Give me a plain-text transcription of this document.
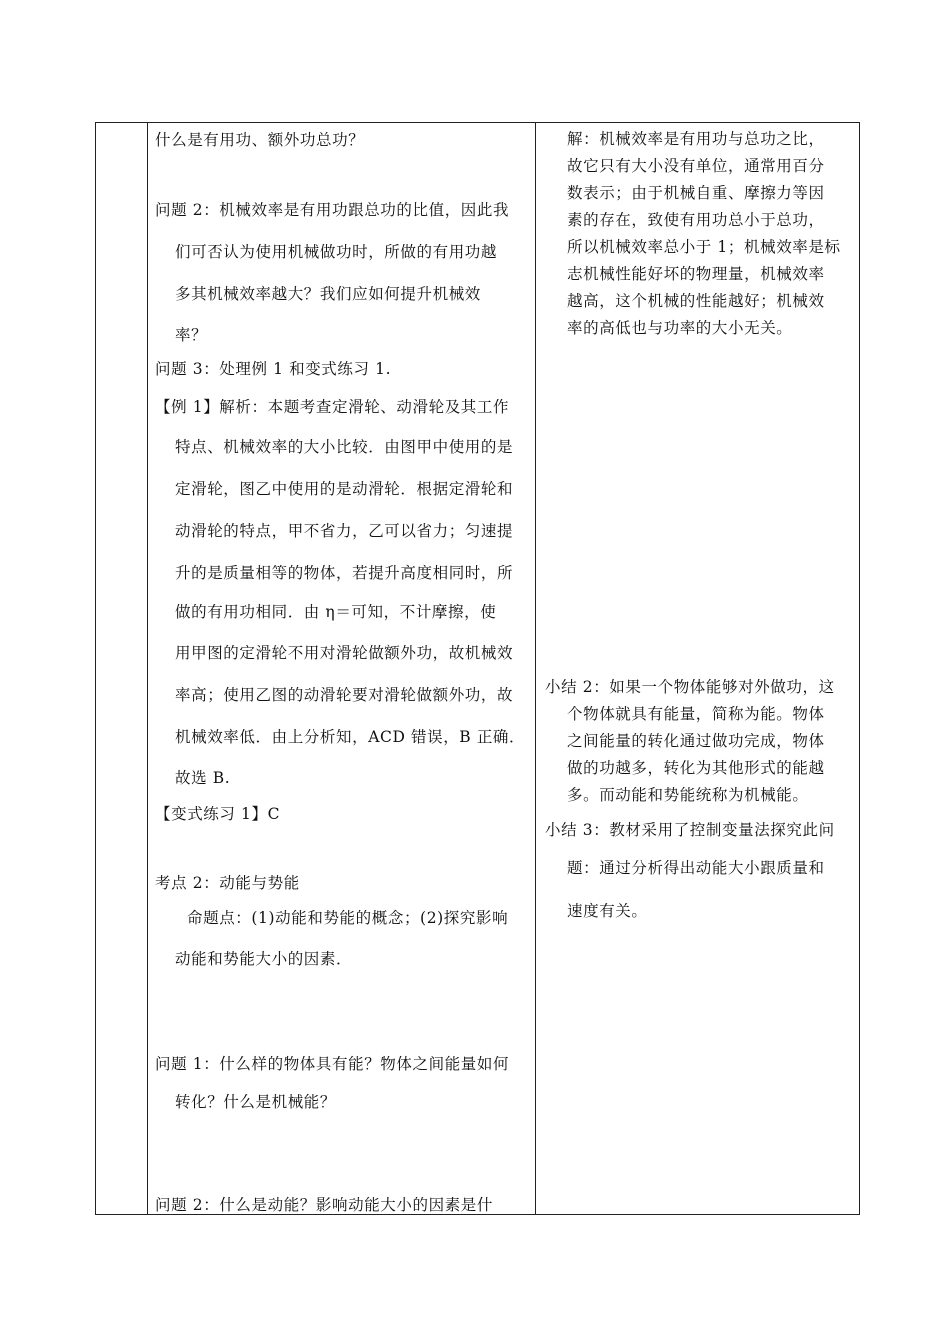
什么是有用功、额外功总功？
问题 2：机械效率是有用功跟总功的比值，因此我
们可否认为使用机械做功时，所做的有用功越
多其机械效率越大？我们应如何提升机械效
率？
问题 3：处理例 1 和变式练习 1.
【例 1】解析：本题考查定滑轮、动滑轮及其工作
特点、机械效率的大小比较．由图甲中使用的是
定滑轮，图乙中使用的是动滑轮．根据定滑轮和
动滑轮的特点，甲不省力，乙可以省力；匀速提
升的是质量相等的物体，若提升高度相同时，所
做的有用功相同．由 η＝可知，不计摩擦，使
用甲图的定滑轮不用对滑轮做额外功，故机械效
率高；使用乙图的动滑轮要对滑轮做额外功，故
机械效率低．由上分析知，ACD 错误，B 正确．
故选 B.
【变式练习 1】C
考点 2：动能与势能
命题点：(1)动能和势能的概念；(2)探究影响
动能和势能大小的因素．
问题 1：什么样的物体具有能？物体之间能量如何
转化？什么是机械能？
问题 2：什么是动能？影响动能大小的因素是什
解：机械效率是有用功与总功之比，
故它只有大小没有单位，通常用百分
数表示；由于机械自重、摩擦力等因
素的存在，致使有用功总小于总功，
所以机械效率总小于 1；机械效率是标
志机械性能好坏的物理量，机械效率
越高，这个机械的性能越好；机械效
率的高低也与功率的大小无关。
小结 2：如果一个物体能够对外做功，这
个物体就具有能量，简称为能。物体
之间能量的转化通过做功完成，物体
做的功越多，转化为其他形式的能越
多。而动能和势能统称为机械能。
小结 3：教材采用了控制变量法探究此问
题：通过分析得出动能大小跟质量和
速度有关。
